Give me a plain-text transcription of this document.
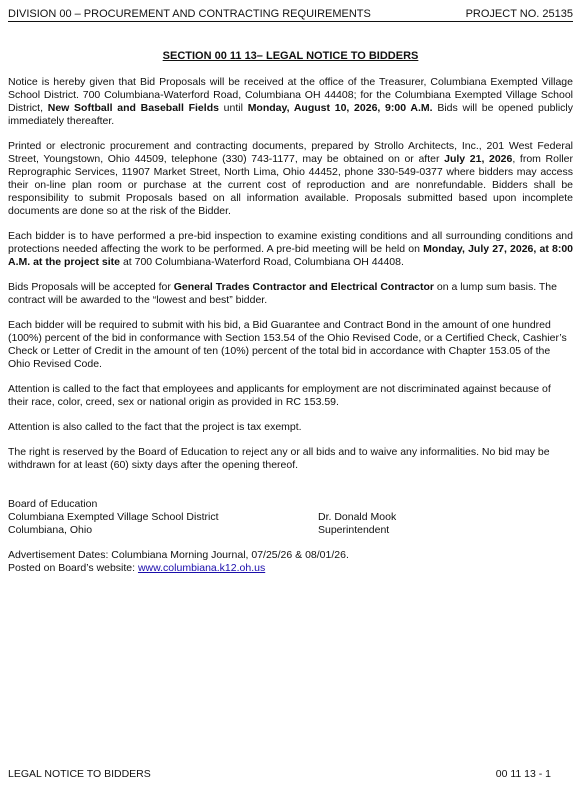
DIVISION 00 – PROCUREMENT AND CONTRACTING REQUIREMENTS	PROJECT NO. 25135
SECTION 00 11 13– LEGAL NOTICE TO BIDDERS

Notice is hereby given that Bid Proposals will be received at the office of the Treasurer, Columbiana Exempted Village School District. 700 Columbiana-Waterford Road, Columbiana OH 44408; for the Columbiana Exempted Village School District, New Softball and Baseball Fields until Monday, August 10, 2026, 9:00 A.M. Bids will be opened publicly immediately thereafter.

Printed or electronic procurement and contracting documents, prepared by Strollo Architects, Inc., 201 West Federal Street, Youngstown, Ohio 44509, telephone (330) 743-1177, may be obtained on or after July 21, 2026, from Roller Reprographic Services, 11907 Market Street, North Lima, Ohio 44452, phone 330-549-0377 where bidders may access their on-line plan room or purchase at the current cost of reproduction and are nonrefundable. Bidders shall be responsibility to submit Proposals based on all information available. Proposals submitted based upon incomplete documents are done so at the risk of the Bidder.

Each bidder is to have performed a pre-bid inspection to examine existing conditions and all surrounding conditions and protections needed affecting the work to be performed. A pre-bid meeting will be held on Monday, July 27, 2026, at 8:00 A.M. at the project site at 700 Columbiana-Waterford Road, Columbiana OH 44408.

Bids Proposals will be accepted for General Trades Contractor and Electrical Contractor on a lump sum basis. The contract will be awarded to the “lowest and best” bidder.

Each bidder will be required to submit with his bid, a Bid Guarantee and Contract Bond in the amount of one hundred (100%) percent of the bid in conformance with Section 153.54 of the Ohio Revised Code, or a Certified Check, Cashier’s Check or Letter of Credit in the amount of ten (10%) percent of the total bid in accordance with Chapter 153.05 of the Ohio Revised Code.

Attention is called to the fact that employees and applicants for employment are not discriminated against because of their race, color, creed, sex or national origin as provided in RC 153.59.

Attention is also called to the fact that the project is tax exempt.

The right is reserved by the Board of Education to reject any or all bids and to waive any informalities. No bid may be withdrawn for at least (60) sixty days after the opening thereof.

Board of Education
Columbiana Exempted Village School District
Columbiana, Ohio
Dr. Donald Mook
Superintendent
Advertisement Dates: Columbiana Morning Journal, 07/25/26 & 08/01/26.
Posted on Board’s website: www.columbiana.k12.oh.us
LEGAL NOTICE TO BIDDERS	00 11 13 - 1
